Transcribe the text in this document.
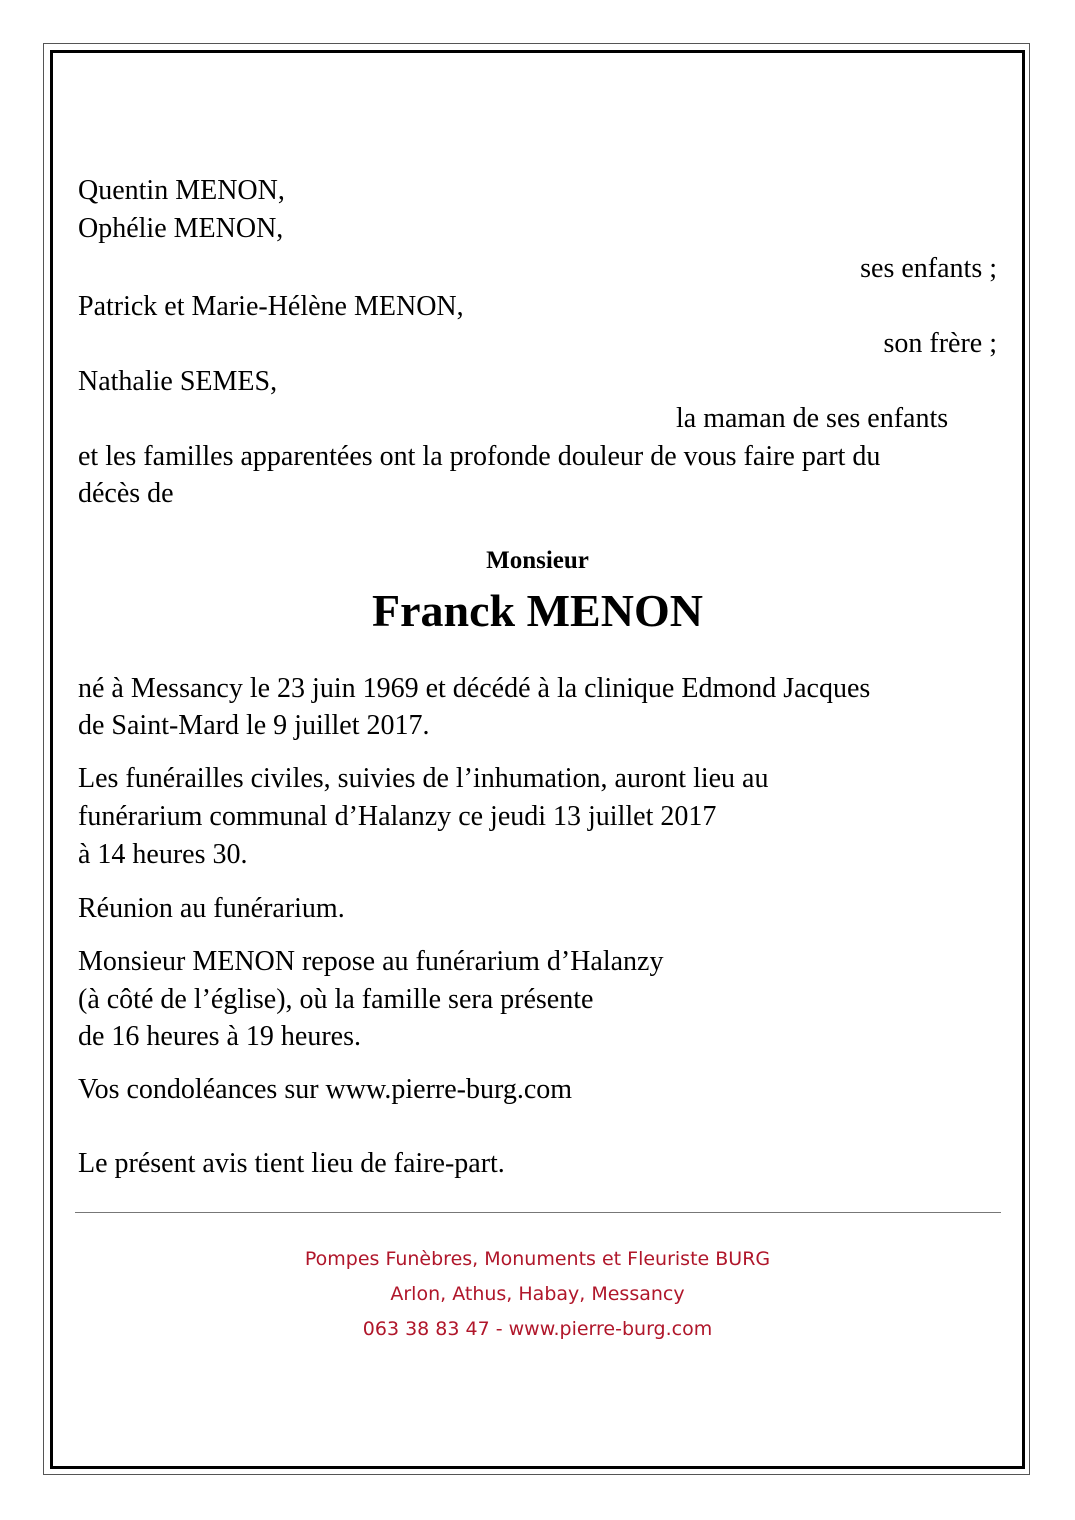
Quentin MENON,
Ophélie MENON,
ses enfants ;
Patrick et Marie-Hélène MENON,
son frère ;
Nathalie SEMES,
la maman de ses enfants
et les familles apparentées ont la profonde douleur de vous faire part du
décès de
Monsieur
Franck MENON
né à Messancy le 23 juin 1969 et décédé à la clinique Edmond Jacques
de Saint-Mard le 9 juillet 2017.
Les funérailles civiles, suivies de l’inhumation, auront lieu au
funérarium communal d’Halanzy ce jeudi 13 juillet 2017
à 14 heures 30.
Réunion au funérarium.
Monsieur MENON repose au funérarium d’Halanzy
(à côté de l’église), où la famille sera présente
de 16 heures à 19 heures.
Vos condoléances sur www.pierre-burg.com
Le présent avis tient lieu de faire-part.
Pompes Funèbres, Monuments et Fleuriste BURG
Arlon, Athus, Habay, Messancy
063 38 83 47 - www.pierre-burg.com
